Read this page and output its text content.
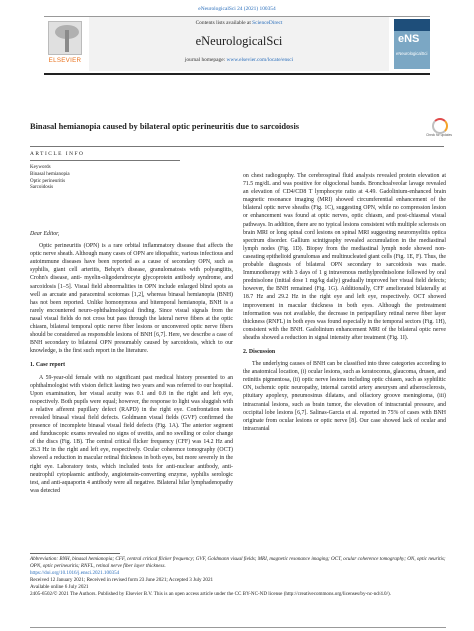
eNeurologicalSci 24 (2021) 100354
ELSEVIER
Contents lists available at ScienceDirect
eNeurologicalSci
journal homepage: www.elsevier.com/locate/ensci
eNS
eNeurologicalSci
Binasal hemianopia caused by bilateral optic perineuritis due to sarcoidosis
Check for updates
ARTICLE INFO
Keywords
Binasal hemianopia
Optic perineuritis
Sarcoidosis

Dear Editor,

Optic perineuritis (OPN) is a rare orbital inflammatory disease that affects the optic nerve sheath. Although many cases of OPN are idiopathic, various infectious and autoimmune diseases have been reported as a cause of secondary OPN, such as syphilis, giant cell arteritis, Behçet's disease, granulomatosis with polyangiitis, Crohn's disease, anti- myelin-oligodendrocyte glycoprotein antibody syndrome, and sarcoidosis [1–5]. Visual field abnormalities in OPN include enlarged blind spots as well as arcuate and paracentral scotomas [1,2], whereas binasal hemianopia (BNH) has not been reported. Unlike homonymous and bitemporal hemianopia, BNH is a rarely encountered neuro-ophthalmological finding. Since visual signals from the nasal visual fields do not cross but pass through the lateral nerve fibers at the optic chiasm, bilateral temporal optic nerve fiber lesions or unconvered optic nerve fibers should be considered as responsible lesions of BNH [6,7]. Here, we describe a case of BNH secondary to bilateral OPN presumably caused by sarcoidosis, which to our knowledge, is the first such report in the literature.

1. Case report

A 59-year-old female with no significant past medical history presented to an ophthalmologist with vision deficit lasting two years and was referred to our hospital. Upon examination, her visual acuity was 0.1 and 0.8 in the right and left eye, respectively. Both pupils were equal; however, the response to light was sluggish with a relative afferent pupillary defect (RAPD) in the right eye. Confrontation tests revealed binasal visual field defects. Goldmann visual fields (GVF) confirmed the presence of incomplete binasal visual field defects (Fig. 1A). The anterior segment and funduscopic exams revealed no signs of uveitis, and no swelling or color change of the discs (Fig. 1B). The central critical flicker frequency (CFF) was 14.2 Hz and 26.3 Hz in the right and left eye, respectively. Ocular coherence tomography (OCT) showed a reduction in macular retinal thickness in both eyes, but more severely in the right eye. Laboratory tests, which included tests for anti-nuclear antibody, anti-neutrophil cytoplasmic antibody, angiotensin-converting enzyme, syphilis serologic test, and anti-aquaporin 4 antibody were all negative. Bilateral hilar lymphadenopathy was detected

on chest radiography. The cerebrospinal fluid analysis revealed protein elevation at 71.5 mg/dL and was positive for oligoclonal bands. Bronchoalveolar lavage revealed an elevation of CD4/CD8 T lymphocyte ratio at 4.49. Gadolinium-enhanced brain magnetic resonance imaging (MRI) showed circumferential enhancement of the bilateral optic nerve sheaths (Fig. 1C), suggesting OPN, while no compression lesion or enhancement was found at optic nerves, optic chiasm, and post-chiasmal visual pathways. In addition, there are no typical lesions consistent with multiple sclerosis on brain MRI or long spinal cord lesions on spinal MRI suggesting neuromyelitis optica spectrum disorder. Gallium scintigraphy revealed accumulation in the mediastinal lymph nodes (Fig. 1D). Biopsy from the mediastinal lymph node showed non-caseating epithelioid granulomas and multinucleated giant cells (Fig. 1E, F). Thus, the probable diagnosis of bilateral OPN secondary to sarcoidosis was made. Immunotherapy with 3 days of 1 g intravenous methylprednisolone followed by oral prednisolone (initial dose 1 mg/kg daily) gradually improved her visual field defects; however, the BNH remained (Fig. 1G). Additionally, CFF ameliorated bilaterally at 18.7 Hz and 29.2 Hz in the right eye and left eye, respectively. OCT showed improvement in macular thickness in both eyes. Although the pretreatment information was not available, the decrease in peripapillary retinal nerve fiber layer thickness (RNFL) in both eyes was found especially in the temporal sectors (Fig. 1H), consistent with the BNH. Gadolinium enhancement MRI of the bilateral optic nerve sheaths showed a reduction in signal intensity after treatment (Fig. 1I).

2. Discussion

The underlying causes of BNH can be classified into three categories according to the anatomical location, (i) ocular lesions, such as keratoconus, glaucoma, drusen, and retinitis pigmentosa, (ii) optic nerve lesions including optic chiasm, such as syphilitic ON, ischemic optic neuropathy, internal carotid artery aneurysm and atherosclerosis, pituitary apoplexy, pneumosinus dilatans, and olfactory groove meningioma, (iii) intracranial lesions, such as brain tumor, the elevation of intracranial pressure, and occipital lobe lesions [6,7]. Salinas-Garcia et al. reported in 75% of cases with BNH originate from ocular lesions or optic nerve [8]. Our case showed lack of ocular and intracranial

Abbreviation: BNH, binasal hemianopia; CFF, central critical flicker frequency; GVF, Goldmann visual fields; MRI, magnetic resonance imaging; OCT, ocular coherence tomography; ON, optic neuritis; OPN, optic perineuritis; RNFL, retinal nerve fiber layer thickness.
https://doi.org/10.1016/j.ensci.2021.100354
Received 12 January 2021; Received in revised form 23 June 2021; Accepted 3 July 2021
Available online 6 July 2021
2405-6502/© 2021 The Authors. Published by Elsevier B.V. This is an open access article under the CC BY-NC-ND license (http://creativecommons.org/licenses/by-nc-nd/4.0/).
